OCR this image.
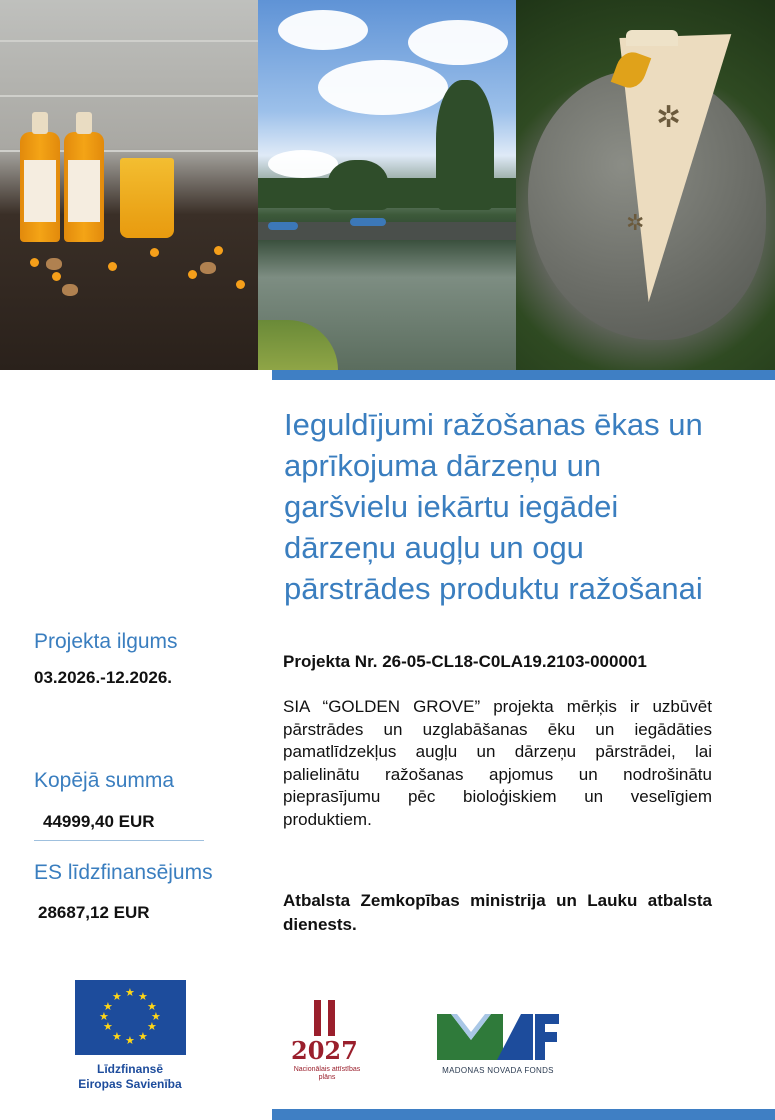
✲
✲
Ieguldījumi ražošanas ēkas un
aprīkojuma dārzeņu un
garšvielu iekārtu iegādei
dārzeņu augļu un ogu
pārstrādes produktu ražošanai

Projekta ilgums

03.2026.-12.2026.

Kopējā summa

44999,40 EUR

ES līdzfinansējums

28687,12 EUR

Projekta Nr. 26-05-CL18-C0LA19.2103-000001

SIA “GOLDEN GROVE” projekta mērķis ir uzbūvēt pārstrādes un uzglabāšanas ēku un iegādāties pamatlīdzekļus augļu un dārzeņu pārstrādei, lai palielinātu ražošanas apjomus un nodrošinātu pieprasījumu pēc bioloģiskiem un veselīgiem produktiem.

Atbalsta Zemkopības ministrija un Lauku atbalsta dienests.

★ ★
★
★
★
★
★
★
★
★
★
★

Līdzfinansē
Eiropas Savienība

2027
Nacionālais attīstības plāns
MADONAS NOVADA FONDS
